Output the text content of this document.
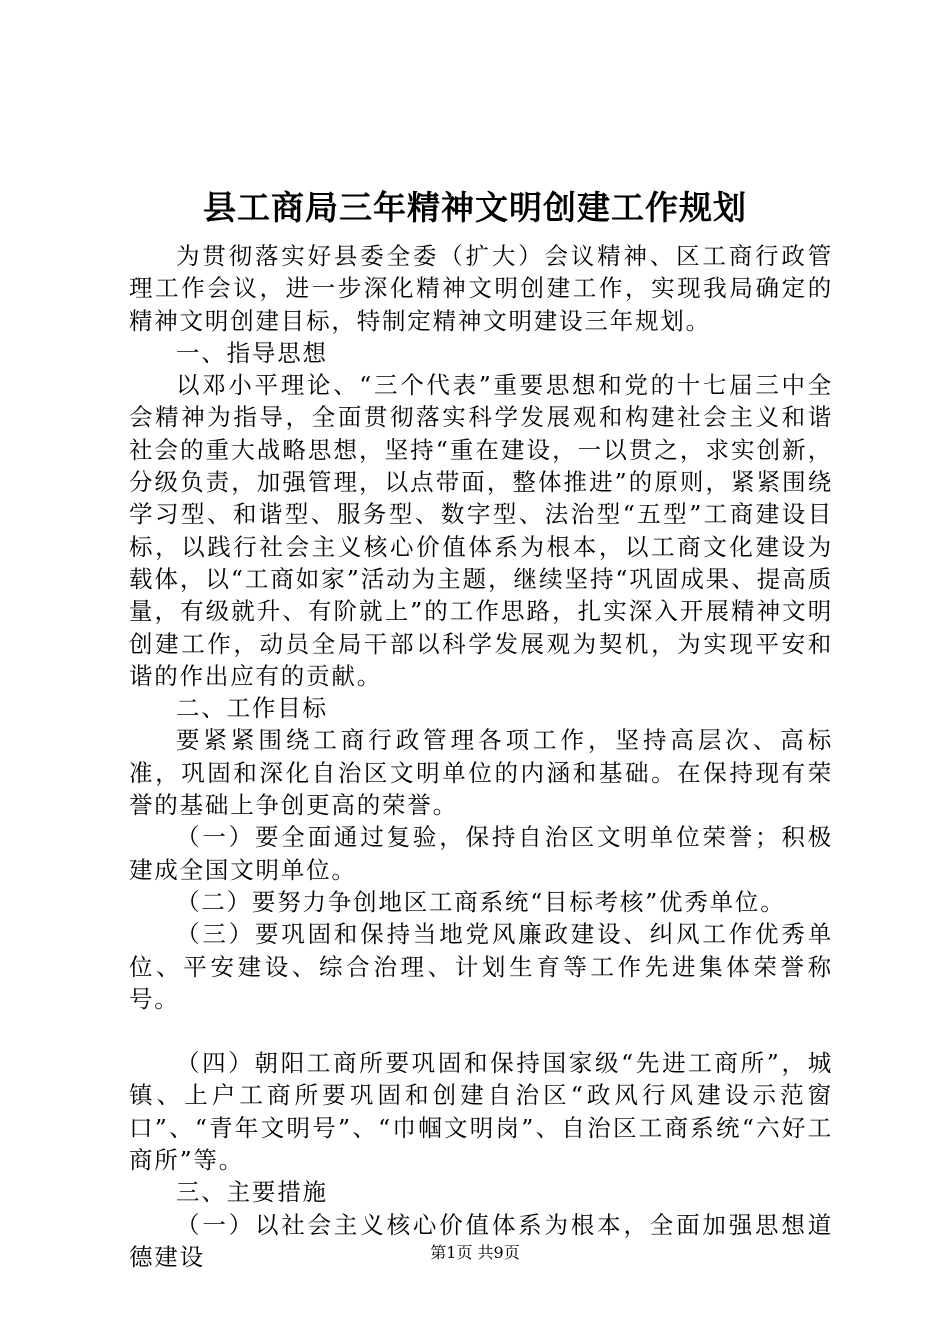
县工商局三年精神文明创建工作规划

为贯彻落实好县委全委（扩大）会议精神、区工商行政管理工作会议，进一步深化精神文明创建工作，实现我局确定的精神文明创建目标，特制定精神文明建设三年规划。

一、指导思想

以邓小平理论、“三个代表”重要思想和党的十七届三中全会精神为指导，全面贯彻落实科学发展观和构建社会主义和谐社会的重大战略思想，坚持“重在建设，一以贯之，求实创新，分级负责，加强管理，以点带面，整体推进”的原则，紧紧围绕学习型、和谐型、服务型、数字型、法治型“五型”工商建设目标，以践行社会主义核心价值体系为根本，以工商文化建设为载体，以“工商如家”活动为主题，继续坚持“巩固成果、提高质量，有级就升、有阶就上”的工作思路，扎实深入开展精神文明创建工作，动员全局干部以科学发展观为契机，为实现平安和谐的作出应有的贡献。

二、工作目标

要紧紧围绕工商行政管理各项工作，坚持高层次、高标准，巩固和深化自治区文明单位的内涵和基础。在保持现有荣誉的基础上争创更高的荣誉。

（一）要全面通过复验，保持自治区文明单位荣誉；积极建成全国文明单位。

（二）要努力争创地区工商系统“目标考核”优秀单位。

（三）要巩固和保持当地党风廉政建设、纠风工作优秀单位、平安建设、综合治理、计划生育等工作先进集体荣誉称号。

（四）朝阳工商所要巩固和保持国家级“先进工商所”，城镇、上户工商所要巩固和创建自治区“政风行风建设示范窗口”、“青年文明号”、“巾帼文明岗”、自治区工商系统“六好工商所”等。

三、主要措施

（一）以社会主义核心价值体系为根本，全面加强思想道德建设	第1页 共9页
